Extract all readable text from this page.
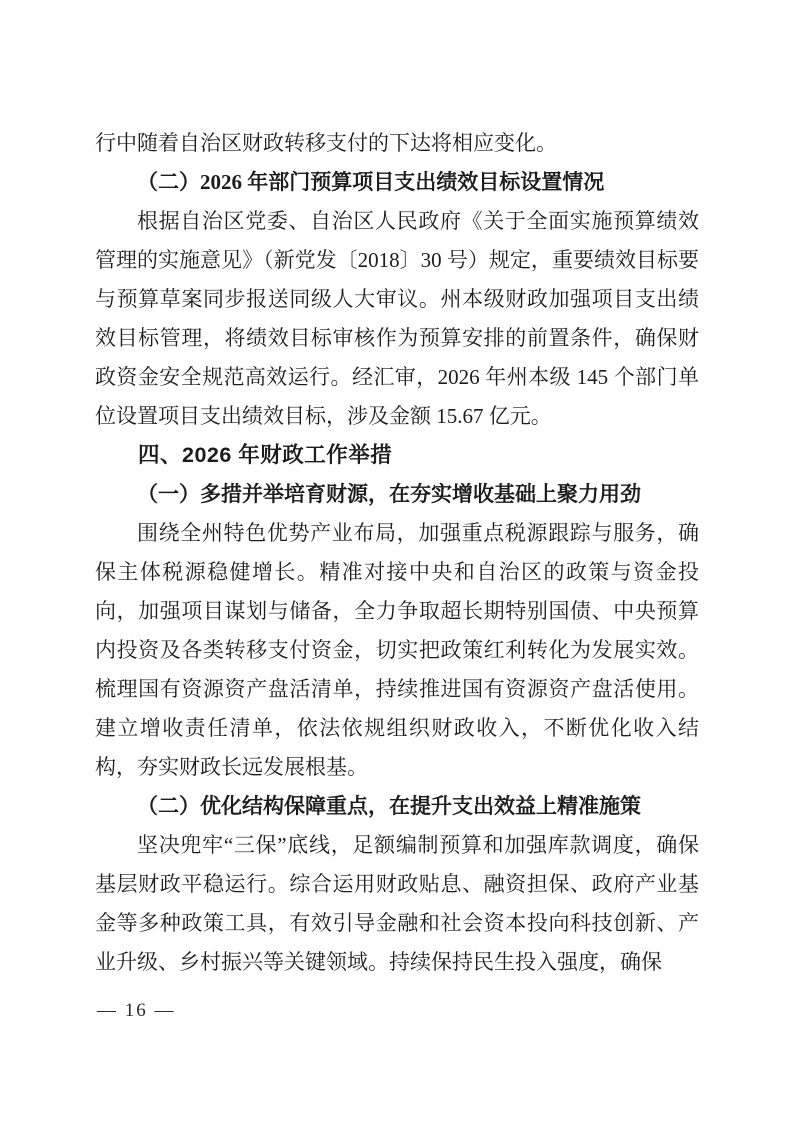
行中随着自治区财政转移支付的下达将相应变化。

（二）2026 年部门预算项目支出绩效目标设置情况

根据自治区党委、自治区人民政府《关于全面实施预算绩效管理的实施意见》（新党发〔2018〕30 号）规定，重要绩效目标要与预算草案同步报送同级人大审议。州本级财政加强项目支出绩效目标管理，将绩效目标审核作为预算安排的前置条件，确保财政资金安全规范高效运行。经汇审，2026 年州本级 145 个部门单位设置项目支出绩效目标，涉及金额 15.67 亿元。

四、2026 年财政工作举措

（一）多措并举培育财源，在夯实增收基础上聚力用劲

围绕全州特色优势产业布局，加强重点税源跟踪与服务，确保主体税源稳健增长。精准对接中央和自治区的政策与资金投向，加强项目谋划与储备，全力争取超长期特别国债、中央预算内投资及各类转移支付资金，切实把政策红利转化为发展实效。梳理国有资源资产盘活清单，持续推进国有资源资产盘活使用。建立增收责任清单，依法依规组织财政收入，不断优化收入结构，夯实财政长远发展根基。

（二）优化结构保障重点，在提升支出效益上精准施策

坚决兜牢“三保”底线，足额编制预算和加强库款调度，确保基层财政平稳运行。综合运用财政贴息、融资担保、政府产业基金等多种政策工具，有效引导金融和社会资本投向科技创新、产业升级、乡村振兴等关键领域。持续保持民生投入强度，确保

— 16 —
